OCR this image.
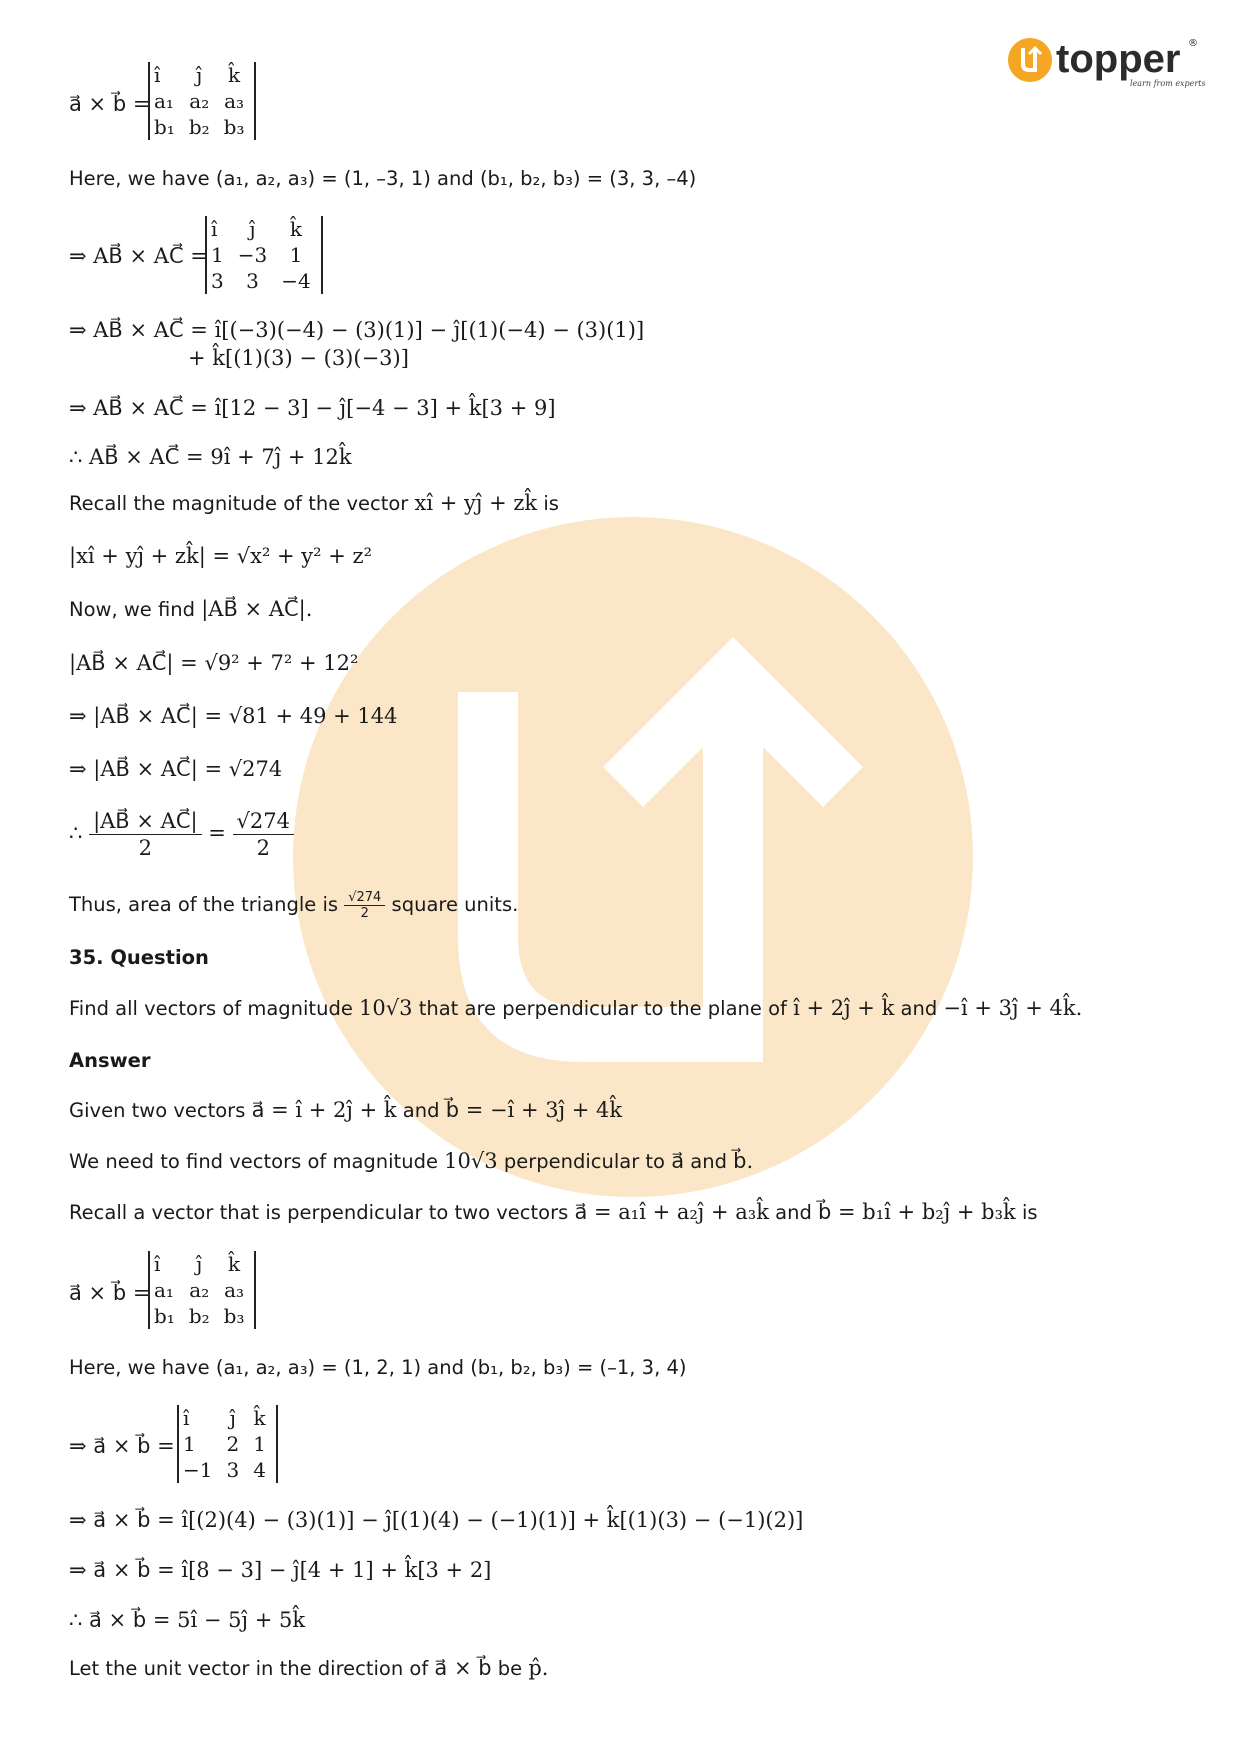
topper ®
learn from experts
a⃗ × b⃗ =
î	ĵ	k̂
a₁	a₂	a₃
b₁	b₂	b₃
Here, we have (a₁, a₂, a₃) = (1, –3, 1) and (b₁, b₂, b₃) = (3, 3, –4)
⇒ AB⃗ × AC⃗ =
î	ĵ	k̂
1	−3	1
3	3	−4
⇒ AB⃗ × AC⃗ = î[(−3)(−4) − (3)(1)] − ĵ[(1)(−4) − (3)(1)]
+ k̂[(1)(3) − (3)(−3)]
⇒ AB⃗ × AC⃗ = î[12 − 3] − ĵ[−4 − 3] + k̂[3 + 9]
∴ AB⃗ × AC⃗ = 9î + 7ĵ + 12k̂
Recall the magnitude of the vector xî + yĵ + zk̂ is
|xî + yĵ + zk̂| = √x² + y² + z²
Now, we find |AB⃗ × AC⃗|.
|AB⃗ × AC⃗| = √9² + 7² + 12²
⇒ |AB⃗ × AC⃗| = √81 + 49 + 144
⇒ |AB⃗ × AC⃗| = √274
∴ $\frac{|AB⃗ \times AC⃗|}{2} = \frac{√274}{2}$
Thus, area of the triangle is $\frac{√274}{2}$ square units.
35. Question
Find all vectors of magnitude 10√3 that are perpendicular to the plane of î + 2ĵ + k̂ and −î + 3ĵ + 4k̂.
Answer
Given two vectors a⃗ = î + 2ĵ + k̂ and b⃗ = −î + 3ĵ + 4k̂
We need to find vectors of magnitude 10√3 perpendicular to a⃗ and b⃗.
Recall a vector that is perpendicular to two vectors a⃗ = a₁î + a₂ĵ + a₃k̂ and b⃗ = b₁î + b₂ĵ + b₃k̂ is
a⃗ × b⃗ =
î	ĵ	k̂
a₁	a₂	a₃
b₁	b₂	b₃
Here, we have (a₁, a₂, a₃) = (1, 2, 1) and (b₁, b₂, b₃) = (–1, 3, 4)
⇒ a⃗ × b⃗ =
î	ĵ	k̂
1	2	1
−1	3	4
⇒ a⃗ × b⃗ = î[(2)(4) − (3)(1)] − ĵ[(1)(4) − (−1)(1)] + k̂[(1)(3) − (−1)(2)]
⇒ a⃗ × b⃗ = î[8 − 3] − ĵ[4 + 1] + k̂[3 + 2]
∴ a⃗ × b⃗ = 5î − 5ĵ + 5k̂
Let the unit vector in the direction of a⃗ × b⃗ be p̂.
